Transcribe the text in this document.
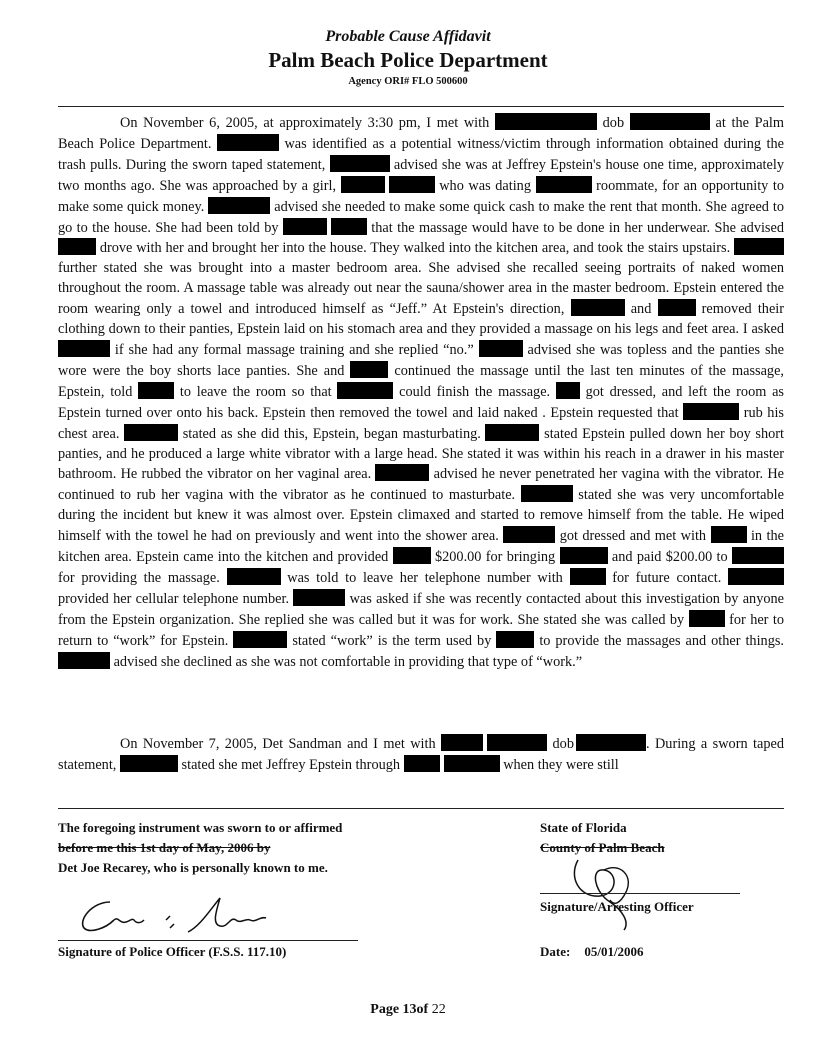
Probable Cause Affidavit
Palm Beach Police Department
Agency ORI# FLO 500600

On November 6, 2005, at approximately 3:30 pm, I met with	dob	at the Palm Beach Police Department.	was identified as a potential witness/victim through information obtained during the trash pulls. During the sworn taped statement,	advised she was at Jeffrey Epstein's house one time, approximately two months ago. She was approached by a girl,	who was dating	roommate, for an opportunity to make some quick money.	advised she needed to make some quick cash to make the rent that month. She agreed to go to the house. She had been told by	that the massage would have to be done in her underwear. She advised  drove with her and brought her into the house. They walked into the kitchen area, and took the stairs upstairs.  further stated she was brought into a master bedroom area. She advised she recalled seeing portraits of naked women throughout the room. A massage table was already out near the sauna/shower area in the master bedroom. Epstein entered the room wearing only a towel and introduced himself as “Jeff.” At Epstein's direction,	and	removed their clothing down to their panties, Epstein laid on his stomach area and they provided a massage on his legs and feet area. I asked  if she had any formal massage training and she replied “no.”	advised she was topless and the panties she wore were the boy shorts lace panties. She and	continued the massage until the last ten minutes of the massage, Epstein, told	to leave the room so that	could finish the massage. got dressed, and left the room as Epstein turned over onto his back. Epstein then removed the towel and laid naked . Epstein requested that	rub his chest area.	stated as she did this, Epstein, began masturbating.	stated Epstein pulled down her boy short panties, and he produced a large white vibrator with a large head. She stated it was within his reach in a drawer in his master bathroom. He rubbed the vibrator on her vaginal area.	advised he never penetrated her vagina with the vibrator. He continued to rub her vagina with the vibrator as he continued to masturbate.	stated she was very uncomfortable during the incident but knew it was almost over. Epstein climaxed and started to remove himself from the table. He wiped himself with the towel he had on previously and went into the shower area.	got dressed and met with	in the kitchen area. Epstein came into the kitchen and provided	$200.00 for bringing	and paid $200.00 to  for providing the massage.	was told to leave her telephone number with	for future contact.  provided her cellular telephone number.	was asked if she was recently contacted about this investigation by anyone from the Epstein organization. She replied she was called but it was for work. She stated she was called by	for her to return to “work” for Epstein.	stated “work” is the term used by	to provide the massages and other things.  advised she declined as she was not comfortable in providing that type of “work.”

On November 7, 2005, Det Sandman and I met with	dob	. During a sworn taped statement,	stated she met Jeffrey Epstein through	when they were still

The foregoing instrument was sworn to or affirmed
before me this 1st day of May, 2006 by
Det Joe Recarey, who is personally known to me.
Signature of Police Officer (F.S.S. 117.10)
State of Florida
County of Palm Beach
Signature/Arresting Officer
Date: 05/01/2006
Page 13of 22
